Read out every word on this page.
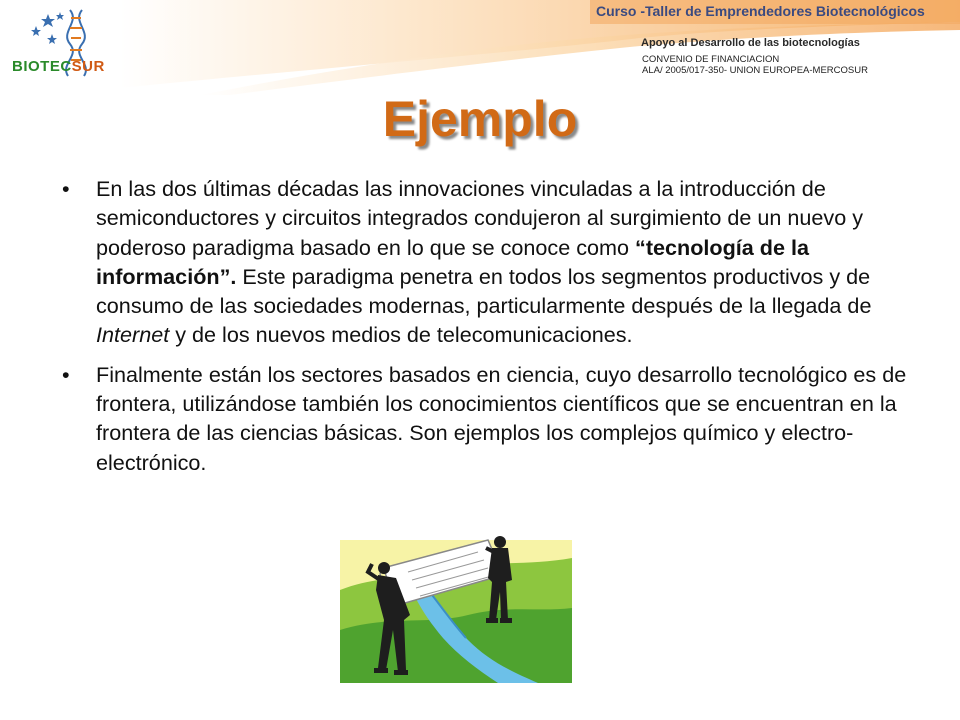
BIOTECSUR
Curso -Taller de Emprendedores Biotecnológicos
Apoyo al Desarrollo de las biotecnologías
CONVENIO DE FINANCIACION
ALA/ 2005/017-350- UNION EUROPEA-MERCOSUR
Ejemplo
• En las dos últimas décadas las innovaciones vinculadas a la introducción de semiconductores y circuitos integrados condujeron al surgimiento de un nuevo y poderoso paradigma basado en lo que se conoce como “tecnología de la información”. Este paradigma penetra en todos los segmentos productivos y de consumo de las sociedades modernas, particularmente después de la llegada de Internet y de los nuevos medios de telecomunicaciones.
• Finalmente están los sectores basados en ciencia, cuyo desarrollo tecnológico es de frontera, utilizándose también los conocimientos científicos que se encuentran en la frontera de las ciencias básicas. Son ejemplos los complejos químico y electro-electrónico.
